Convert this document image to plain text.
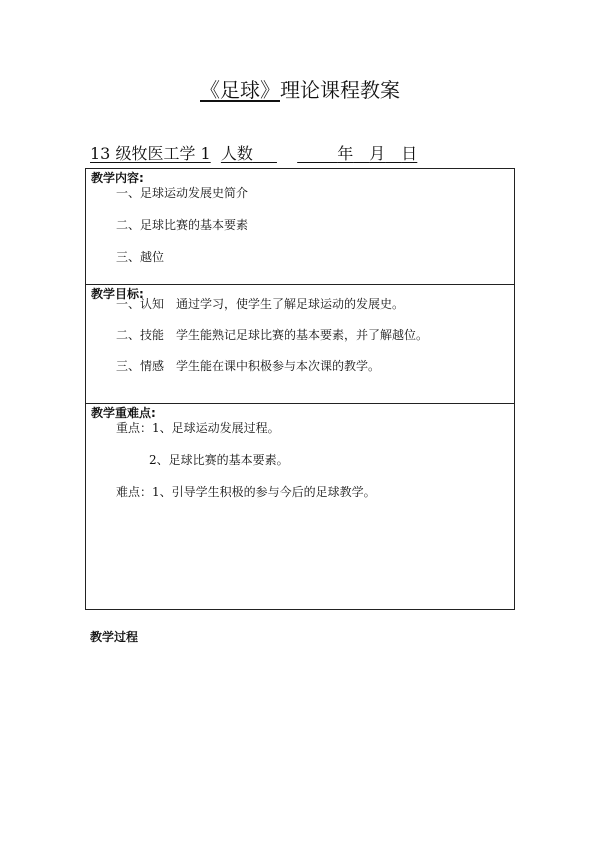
《足球》理论课程教案
13 级牧医工学 1 人数___ _____年__月__日
教学内容:
一、足球运动发展史简介
二、足球比赛的基本要素
三、越位
教学目标:
一、认知　通过学习，使学生了解足球运动的发展史。
二、技能　学生能熟记足球比赛的基本要素，并了解越位。
三、情感　学生能在课中积极参与本次课的教学。
教学重难点:
重点：1、足球运动发展过程。
2、足球比赛的基本要素。
难点：1、引导学生积极的参与今后的足球教学。
教学过程
